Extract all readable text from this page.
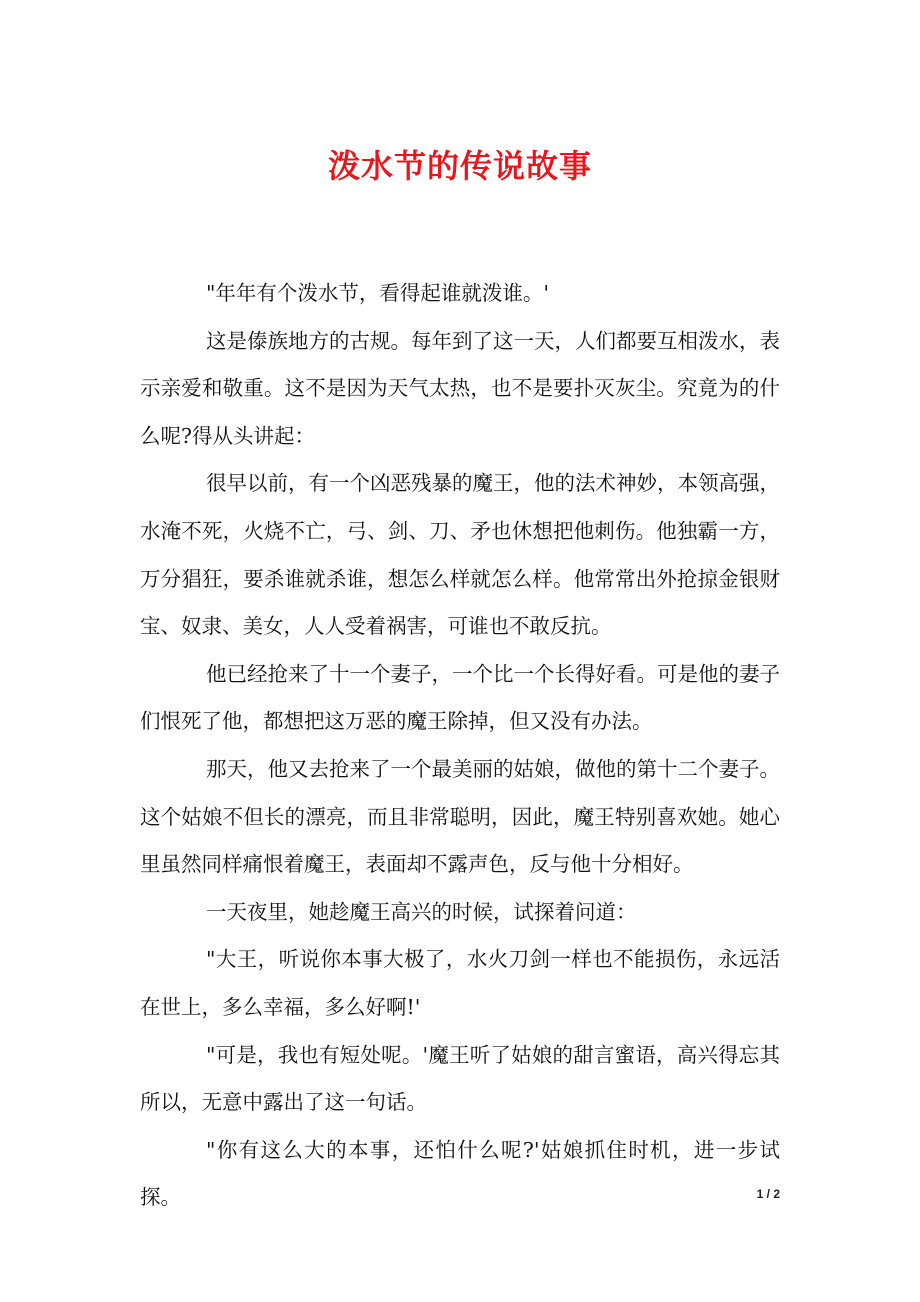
泼水节的传说故事

"年年有个泼水节，看得起谁就泼谁。'

这是傣族地方的古规。每年到了这一天，人们都要互相泼水，表示亲爱和敬重。这不是因为天气太热，也不是要扑灭灰尘。究竟为的什么呢?得从头讲起：

很早以前，有一个凶恶残暴的魔王，他的法术神妙，本领高强，水淹不死，火烧不亡，弓、剑、刀、矛也休想把他刺伤。他独霸一方，万分猖狂，要杀谁就杀谁，想怎么样就怎么样。他常常出外抢掠金银财宝、奴隶、美女，人人受着祸害，可谁也不敢反抗。

他已经抢来了十一个妻子，一个比一个长得好看。可是他的妻子们恨死了他，都想把这万恶的魔王除掉，但又没有办法。

那天，他又去抢来了一个最美丽的姑娘，做他的第十二个妻子。这个姑娘不但长的漂亮，而且非常聪明，因此，魔王特别喜欢她。她心里虽然同样痛恨着魔王，表面却不露声色，反与他十分相好。

一天夜里，她趁魔王高兴的时候，试探着问道：

"大王，听说你本事大极了，水火刀剑一样也不能损伤，永远活在世上，多么幸福，多么好啊!'

"可是，我也有短处呢。'魔王听了姑娘的甜言蜜语，高兴得忘其所以，无意中露出了这一句话。

"你有这么大的本事，还怕什么呢?'姑娘抓住时机，进一步试探。	1 / 2
